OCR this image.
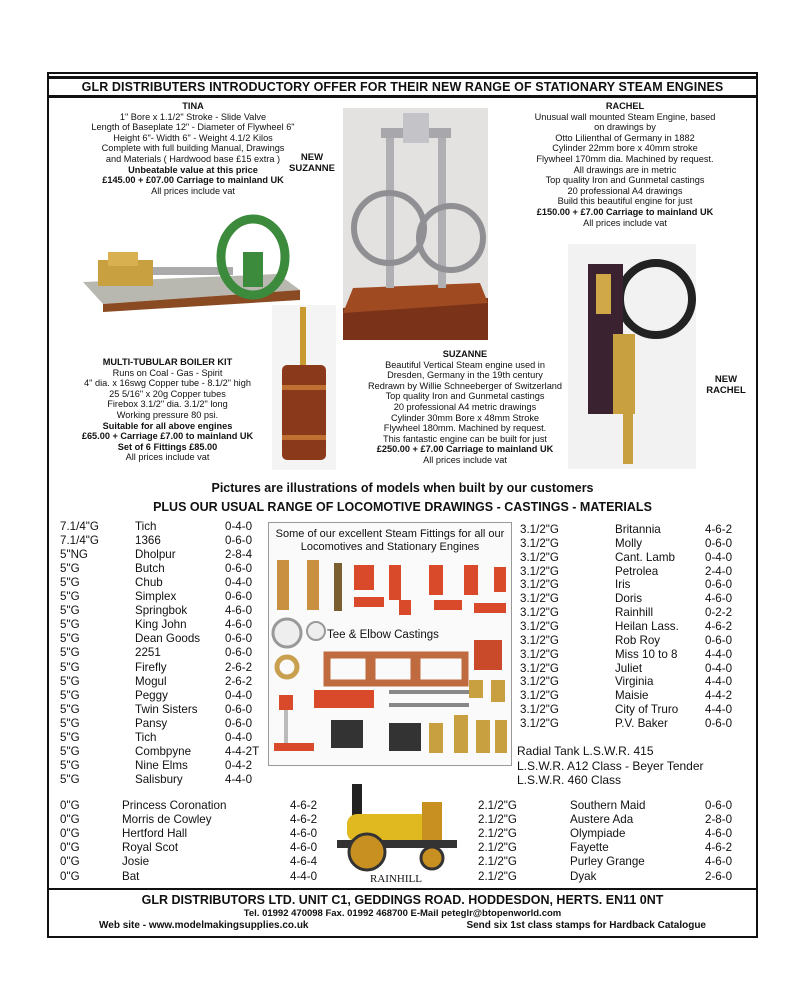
GLR DISTRIBUTERS INTRODUCTORY OFFER FOR THEIR NEW RANGE OF STATIONARY STEAM ENGINES
TINA
1" Bore x 1.1/2" Stroke - Slide Valve
Length of Baseplate 12" - Diameter of Flywheel 6"
Height 6"- Width 6" - Weight 4.1/2 Kilos
Complete with full building Manual, Drawings
and Materials ( Hardwood base £15 extra )
Unbeatable value at this price
£145.00 + £07.00 Carriage to mainland UK
All prices include vat
RACHEL
Unusual wall mounted Steam Engine, based
on drawings by
Otto Lilienthal of Germany in 1882
Cylinder 22mm bore x 40mm stroke
Flywheel 170mm dia. Machined by request.
All drawings are in metric
Top quality Iron and Gunmetal castings
20 professional A4 drawings
Build this beautiful engine for just
£150.00 + £7.00 Carriage to mainland UK
All prices include vat
MULTI-TUBULAR BOILER KIT
Runs on Coal - Gas - Spirit
4" dia. x 16swg Copper tube - 8.1/2" high
25 5/16" x 20g Copper tubes
Firebox 3.1/2" dia. 3.1/2" long
Working pressure 80 psi.
Suitable for all above engines
£65.00 + Carriage £7.00 to mainland UK
Set of 6 Fittings £85.00
All prices include vat
SUZANNE
Beautiful Vertical Steam engine used in
Dresden, Germany in the 19th century
Redrawn by Willie Schneeberger of Switzerland
Top quality Iron and Gunmetal castings
20 professional A4 metric drawings
Cylinder 30mm Bore x 48mm Stroke
Flywheel 180mm. Machined by request.
This fantastic engine can be built for just
£250.00 + £7.00 Carriage to mainland UK
All prices include vat
NEW
SUZANNE
NEW
RACHEL
Pictures are illustrations of models when built by our customers
PLUS OUR USUAL RANGE OF LOCOMOTIVE DRAWINGS - CASTINGS - MATERIALS
Some of our excellent Steam Fittings for all our Locomotives and Stationary Engines
Tee & Elbow Castings
7.1/4"G	Tich	0-4-0
7.1/4"G	1366	0-6-0
5"NG	Dholpur	2-8-4
5"G	Butch	0-6-0
5"G	Chub	0-4-0
5"G	Simplex	0-6-0
5"G	Springbok	4-6-0
5"G	King John	4-6-0
5"G	Dean Goods 0-6-0
5"G	2251	0-6-0
5"G	Firefly	2-6-2
5"G	Mogul	2-6-2
5"G	Peggy	0-4-0
5"G	Twin Sisters 0-6-0
5"G	Pansy	0-6-0
5"G	Tich	0-4-0
5"G	Combpyne	4-4-2T
5"G	Nine Elms	0-4-2
5"G	Salisbury	4-4-0
3.1/2"G	Britannia	4-6-2
3.1/2"G	Molly	0-6-0
3.1/2"G	Cant. Lamb	0-4-0
3.1/2"G	Petrolea	2-4-0
3.1/2"G	Iris	0-6-0
3.1/2"G	Doris	4-6-0
3.1/2"G	Rainhill	0-2-2
3.1/2"G	Heilan Lass. 4-6-2
3.1/2"G	Rob Roy	0-6-0
3.1/2"G	Miss 10 to 8 4-4-0
3.1/2"G	Juliet	0-4-0
3.1/2"G	Virginia	4-4-0
3.1/2"G	Maisie	4-4-2
3.1/2"G	City of Truro 4-4-0
3.1/2"G	P.V. Baker	0-6-0
Radial Tank L.S.W.R. 415
L.S.W.R. A12 Class - Beyer Tender
L.S.W.R. 460 Class
0"G	Princess Coronation	4-6-2
0"G	Morris de Cowley	4-6-2
0"G	Hertford Hall	4-6-0
0"G	Royal Scot	4-6-0
0"G	Josie	4-6-4
0"G	Bat	4-4-0
2.1/2"G	Southern Maid	0-6-0
2.1/2"G	Austere Ada	2-8-0
2.1/2"G	Olympiade	4-6-0
2.1/2"G	Fayette	4-6-2
2.1/2"G	Purley Grange	4-6-0
2.1/2"G	Dyak	2-6-0
RAINHILL
GLR DISTRIBUTORS LTD. UNIT C1, GEDDINGS ROAD. HODDESDON, HERTS. EN11 0NT
Tel. 01992 470098 Fax. 01992 468700 E-Mail peteglr@btopenworld.com
Web site - www.modelmakingsupplies.co.uk	Send six 1st class stamps for Hardback Catalogue
